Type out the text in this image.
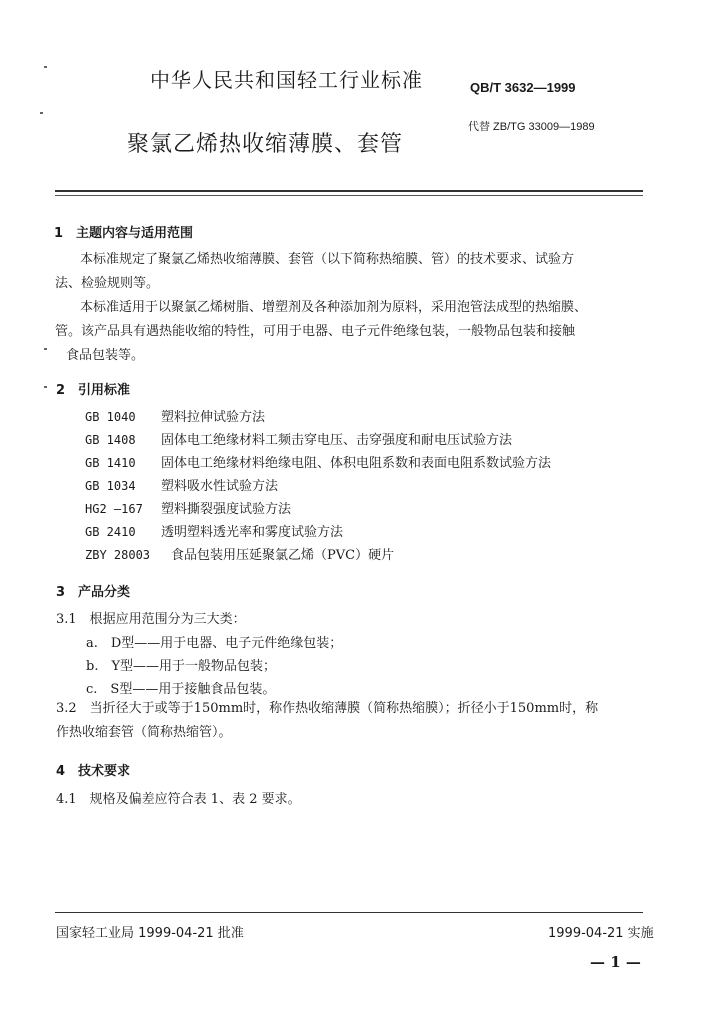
中华人民共和国轻工行业标准	QB/T 3632—1999
代替 ZB/TG 33009—1989
聚氯乙烯热收缩薄膜、套管
1　主题内容与适用范围
本标准规定了聚氯乙烯热收缩薄膜、套管（以下简称热缩膜、管）的技术要求、试验方
法、检验规则等。
本标准适用于以聚氯乙烯树脂、增塑剂及各种添加剂为原料，采用泡管法成型的热缩膜、
管。该产品具有遇热能收缩的特性，可用于电器、电子元件绝缘包装，一般物品包装和接触
食品包装等。
2　引用标准
GB 1040 塑料拉伸试验方法
GB 1408 固体电工绝缘材料工频击穿电压、击穿强度和耐电压试验方法
GB 1410 固体电工绝缘材料绝缘电阻、体积电阻系数和表面电阻系数试验方法
GB 1034 塑料吸水性试验方法
HG2 —167 塑料撕裂强度试验方法
GB 2410 透明塑料透光率和雾度试验方法
ZBY 28003 食品包装用压延聚氯乙烯（PVC）硬片
3　产品分类
3.1　根据应用范围分为三大类：
a.　D型——用于电器、电子元件绝缘包装；
b.　Y型——用于一般物品包装；
c.　S型——用于接触食品包装。
3.2　当折径大于或等于150mm时，称作热收缩薄膜（简称热缩膜）；折径小于150mm时，称
作热收缩套管（简称热缩管）。
4　技术要求
4.1　规格及偏差应符合表 1、表 2 要求。
国家轻工业局 1999-04-21 批准	1999-04-21 实施
— 1 —
